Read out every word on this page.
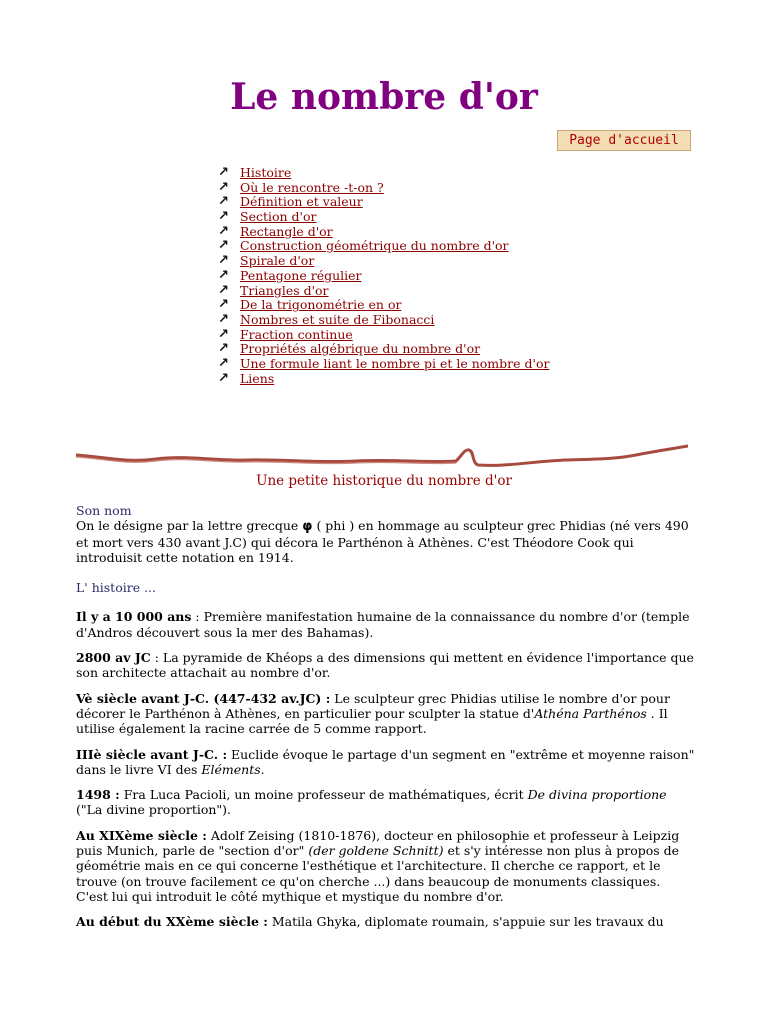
Le nombre d'or
Page d'accueil
↗ Histoire
↗ Où le rencontre -t-on ?
↗ Définition et valeur
↗ Section d'or
↗ Rectangle d'or
↗ Construction géométrique du nombre d'or
↗ Spirale d'or
↗ Pentagone régulier
↗ Triangles d'or
↗ De la trigonométrie en or
↗ Nombres et suite de Fibonacci
↗ Fraction continue
↗ Propriétés algébrique du nombre d'or
↗ Une formule liant le nombre pi et le nombre d'or
↗ Liens
Une petite historique du nombre d'or
Son nom

On le désigne par la lettre grecque φ ( phi ) en hommage au sculpteur grec Phidias (né vers 490 et mort vers 430 avant J.C) qui décora le Parthénon à Athènes. C'est Théodore Cook qui introduisit cette notation en 1914.

L' histoire ...

Il y a 10 000 ans : Première manifestation humaine de la connaissance du nombre d'or (temple d'Andros découvert sous la mer des Bahamas).

2800 av JC : La pyramide de Khéops a des dimensions qui mettent en évidence l'importance que son architecte attachait au nombre d'or.

Vè siècle avant J-C. (447-432 av.JC) : Le sculpteur grec Phidias utilise le nombre d'or pour décorer le Parthénon à Athènes, en particulier pour sculpter la statue d'Athéna Parthénos . Il utilise également la racine carrée de 5 comme rapport.

IIIè siècle avant J-C. : Euclide évoque le partage d'un segment en "extrême et moyenne raison" dans le livre VI des Eléments.

1498 : Fra Luca Pacioli, un moine professeur de mathématiques, écrit De divina proportione ("La divine proportion").

Au XIXème siècle : Adolf Zeising (1810-1876), docteur en philosophie et professeur à Leipzig puis Munich, parle de "section d'or" (der goldene Schnitt) et s'y intéresse non plus à propos de géométrie mais en ce qui concerne l'esthétique et l'architecture. Il cherche ce rapport, et le trouve (on trouve facilement ce qu'on cherche ...) dans beaucoup de monuments classiques. C'est lui qui introduit le côté mythique et mystique du nombre d'or.

Au début du XXème siècle : Matila Ghyka, diplomate roumain, s'appuie sur les travaux du
